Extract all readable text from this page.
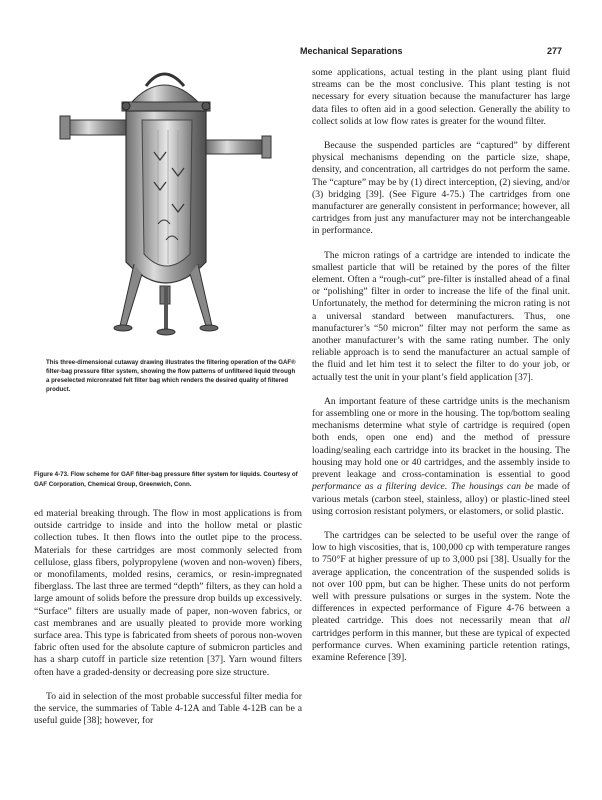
Mechanical Separations	277
This three-dimensional cutaway drawing illustrates the filtering operation of the GAF® filter-bag pressure filter system, showing the flow patterns of unfiltered liquid through a preselected micronrated felt filter bag which renders the desired quality of filtered product.
Figure 4-73. Flow scheme for GAF filter-bag pressure filter system for liquids. Courtesy of GAF Corporation, Chemical Group, Greenwich, Conn.

ed material breaking through. The flow in most applications is from outside cartridge to inside and into the hollow metal or plastic collection tubes. It then flows into the outlet pipe to the process. Materials for these cartridges are most commonly selected from cellulose, glass fibers, polypropylene (woven and non-woven) fibers, or monofilaments, molded resins, ceramics, or resin-impregnated fiberglass. The last three are termed “depth” filters, as they can hold a large amount of solids before the pressure drop builds up excessively. “Surface” filters are usually made of paper, non-woven fabrics, or cast membranes and are usually pleated to provide more working surface area. This type is fabricated from sheets of porous non-woven fabric often used for the absolute capture of submicron particles and has a sharp cutoff in particle size retention [37]. Yarn wound filters often have a graded-density or decreasing pore size structure.

To aid in selection of the most probable successful filter media for the service, the summaries of Table 4-12A and Table 4-12B can be a useful guide [38]; however, for

some applications, actual testing in the plant using plant fluid streams can be the most conclusive. This plant testing is not necessary for every situation because the manufacturer has large data files to often aid in a good selection. Generally the ability to collect solids at low flow rates is greater for the wound filter.

Because the suspended particles are “captured” by different physical mechanisms depending on the particle size, shape, density, and concentration, all cartridges do not perform the same. The “capture” may be by (1) direct interception, (2) sieving, and/or (3) bridging [39]. (See Figure 4-75.) The cartridges from one manufacturer are generally consistent in performance; however, all cartridges from just any manufacturer may not be interchangeable in performance.

The micron ratings of a cartridge are intended to indicate the smallest particle that will be retained by the pores of the filter element. Often a “rough-cut” pre-filter is installed ahead of a final or “polishing” filter in order to increase the life of the final unit. Unfortunately, the method for determining the micron rating is not a universal standard between manufacturers. Thus, one manufacturer’s “50 micron” filter may not perform the same as another manufacturer’s with the same rating number. The only reliable approach is to send the manufacturer an actual sample of the fluid and let him test it to select the filter to do your job, or actually test the unit in your plant’s field application [37].

An important feature of these cartridge units is the mechanism for assembling one or more in the housing. The top/bottom sealing mechanisms determine what style of cartridge is required (open both ends, open one end) and the method of pressure loading/sealing each cartridge into its bracket in the housing. The housing may hold one or 40 cartridges, and the assembly inside to prevent leakage and cross-contamination is essential to good performance as a filtering device. The housings can be made of various metals (carbon steel, stainless, alloy) or plastic-lined steel using corrosion resistant polymers, or elastomers, or solid plastic.

The cartridges can be selected to be useful over the range of low to high viscosities, that is, 100,000 cp with temperature ranges to 750°F at higher pressure of up to 3,000 psi [38]. Usually for the average application, the concentration of the suspended solids is not over 100 ppm, but can be higher. These units do not perform well with pressure pulsations or surges in the system. Note the differences in expected performance of Figure 4-76 between a pleated cartridge. This does not necessarily mean that all cartridges perform in this manner, but these are typical of expected performance curves. When examining particle retention ratings, examine Reference [39].
